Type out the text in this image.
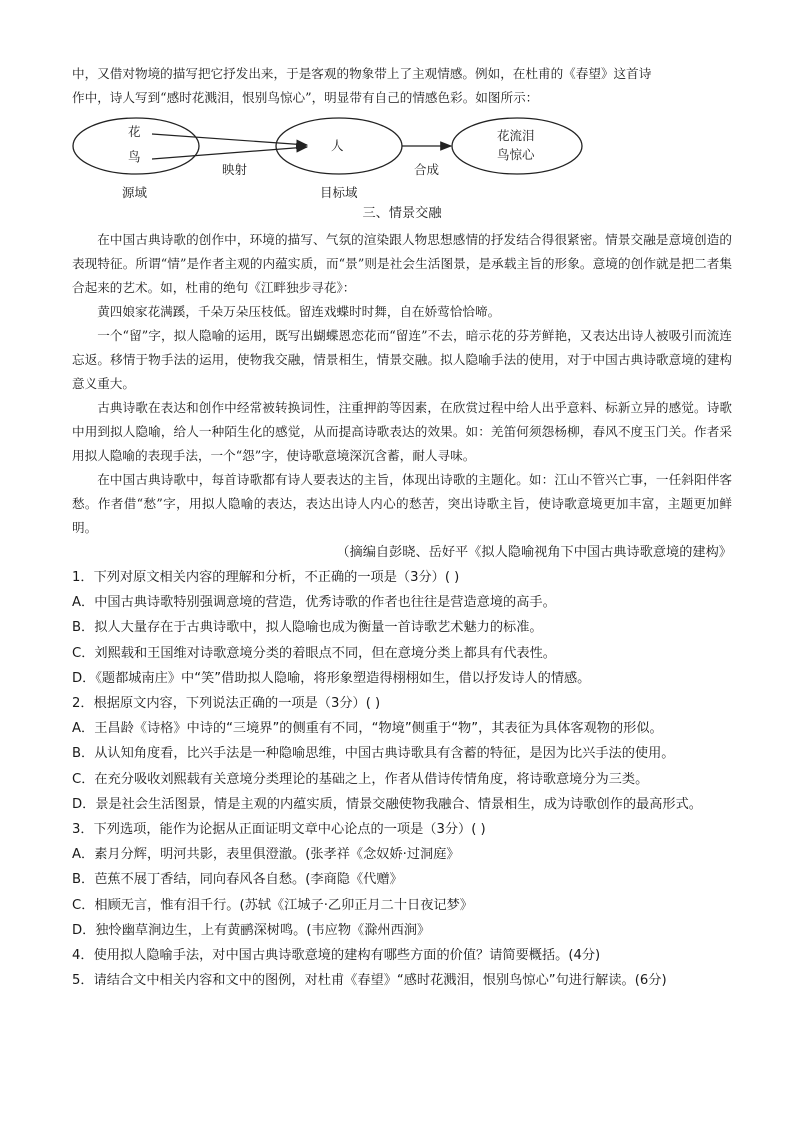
中，又借对物境的描写把它抒发出来，于是客观的物象带上了主观情感。例如，在杜甫的《春望》这首诗

作中，诗人写到“感时花溅泪，恨别鸟惊心”，明显带有自己的情感色彩。如图所示：

花
鸟
人
花流泪
鸟惊心
映射	合成
源域	目标域
三、情景交融

在中国古典诗歌的创作中，环境的描写、气氛的渲染跟人物思想感情的抒发结合得很紧密。情景交融是意境创造的表现特征。所谓“情”是作者主观的内蕴实质，而“景”则是社会生活图景，是承载主旨的形象。意境的创作就是把二者集合起来的艺术。如，杜甫的绝句《江畔独步寻花》：

黄四娘家花满蹊，千朵万朵压枝低。留连戏蝶时时舞，自在娇莺恰恰啼。

一个“留”字，拟人隐喻的运用，既写出蝴蝶恩恋花而“留连”不去，暗示花的芬芳鲜艳，又表达出诗人被吸引而流连忘返。移情于物手法的运用，使物我交融，情景相生，情景交融。拟人隐喻手法的使用，对于中国古典诗歌意境的建构意义重大。

古典诗歌在表达和创作中经常被转换词性，注重押韵等因素，在欣赏过程中给人出乎意料、标新立异的感觉。诗歌中用到拟人隐喻，给人一种陌生化的感觉，从而提高诗歌表达的效果。如：羌笛何须怨杨柳，春风不度玉门关。作者采用拟人隐喻的表现手法，一个“怨”字，使诗歌意境深沉含蓄，耐人寻味。

在中国古典诗歌中，每首诗歌都有诗人要表达的主旨，体现出诗歌的主题化。如：江山不管兴亡事，一任斜阳伴客愁。作者借“愁”字，用拟人隐喻的表达，表达出诗人内心的愁苦，突出诗歌主旨，使诗歌意境更加丰富，主题更加鲜明。

（摘编自彭晓、岳好平《拟人隐喻视角下中国古典诗歌意境的建构》

1．下列对原文相关内容的理解和分析，不正确的一项是（3分）( )

A．中国古典诗歌特别强调意境的营造，优秀诗歌的作者也往往是营造意境的高手。

B．拟人大量存在于古典诗歌中，拟人隐喻也成为衡量一首诗歌艺术魅力的标准。

C．刘熙载和王国维对诗歌意境分类的着眼点不同，但在意境分类上都具有代表性。

D．《题都城南庄》中“笑”借助拟人隐喻，将形象塑造得栩栩如生，借以抒发诗人的情感。

2．根据原文内容，下列说法正确的一项是（3分）( )

A．王昌龄《诗格》中诗的“三境界”的侧重有不同，“物境”侧重于“物”，其表征为具体客观物的形似。

B．从认知角度看，比兴手法是一种隐喻思维，中国古典诗歌具有含蓄的特征，是因为比兴手法的使用。

C．在充分吸收刘熙载有关意境分类理论的基础之上，作者从借诗传情角度，将诗歌意境分为三类。

D．景是社会生活图景，情是主观的内蕴实质，情景交融使物我融合、情景相生，成为诗歌创作的最高形式。

3．下列选项，能作为论据从正面证明文章中心论点的一项是（3分）( )

A．素月分辉，明河共影，表里俱澄澈。(张孝祥《念奴娇·过洞庭》

B．芭蕉不展丁香结，同向春风各自愁。(李商隐《代赠》

C．相顾无言，惟有泪千行。(苏轼《江城子·乙卯正月二十日夜记梦》

D．独怜幽草涧边生，上有黄鹂深树鸣。(韦应物《滁州西涧》

4．使用拟人隐喻手法，对中国古典诗歌意境的建构有哪些方面的价值？请简要概括。(4分)

5．请结合文中相关内容和文中的图例，对杜甫《春望》“感时花溅泪，恨别鸟惊心”句进行解读。(6分)
